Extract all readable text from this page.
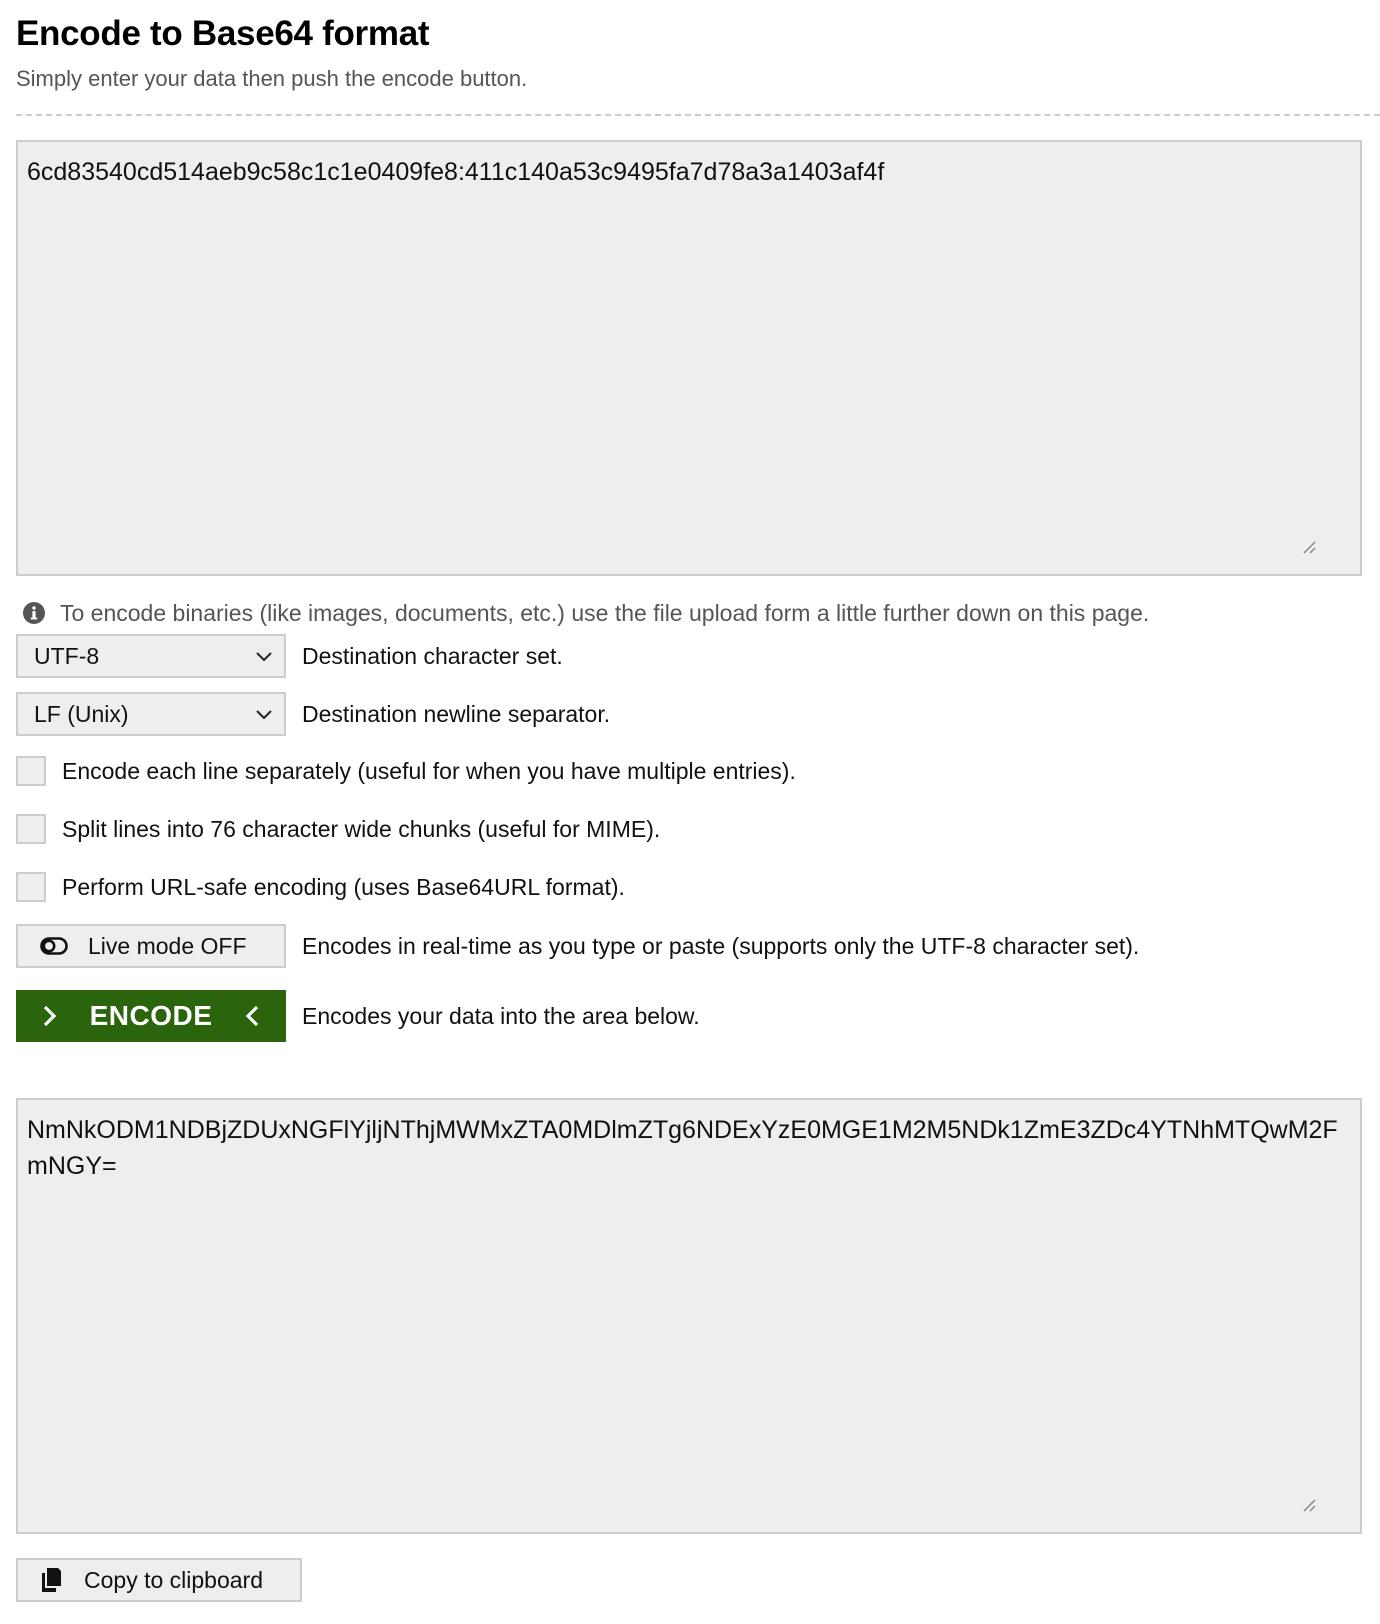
Encode to Base64 format
Simply enter your data then push the encode button.
6cd83540cd514aeb9c58c1c1e0409fe8:411c140a53c9495fa7d78a3a1403af4f
To encode binaries (like images, documents, etc.) use the file upload form a little further down on this page.
UTF-8	Destination character set.
LF (Unix)	Destination newline separator.
Encode each line separately (useful for when you have multiple entries).
Split lines into 76 character wide chunks (useful for MIME).
Perform URL-safe encoding (uses Base64URL format).
Live mode OFF Encodes in real-time as you type or paste (supports only the UTF-8 character set).
ENCODE	Encodes your data into the area below.
NmNkODM1NDBjZDUxNGFlYjljNThjMWMxZTA0MDlmZTg6NDExYzE0MGE1M2M5NDk1ZmE3ZDc4YTNhMTQwM2FmNGY=
Copy to clipboard
